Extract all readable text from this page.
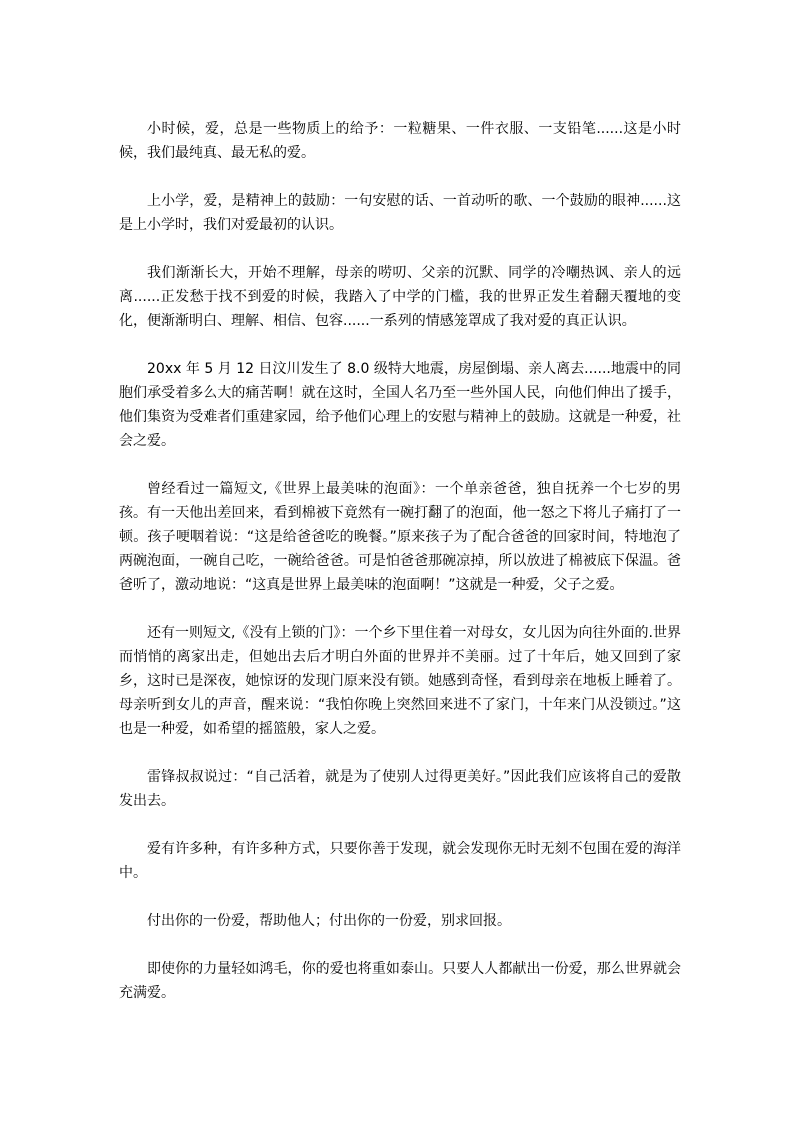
小时候，爱，总是一些物质上的给予：一粒糖果、一件衣服、一支铅笔......这是小时候，我们最纯真、最无私的爱。

上小学，爱，是精神上的鼓励：一句安慰的话、一首动听的歌、一个鼓励的眼神......这是上小学时，我们对爱最初的认识。

我们渐渐长大，开始不理解，母亲的唠叨、父亲的沉默、同学的冷嘲热讽、亲人的远离......正发愁于找不到爱的时候，我踏入了中学的门槛，我的世界正发生着翻天覆地的变化，便渐渐明白、理解、相信、包容......一系列的情感笼罩成了我对爱的真正认识。

20xx 年 5 月 12 日汶川发生了 8.0 级特大地震，房屋倒塌、亲人离去......地震中的同胞们承受着多么大的痛苦啊！就在这时，全国人名乃至一些外国人民，向他们伸出了援手，他们集资为受难者们重建家园，给予他们心理上的安慰与精神上的鼓励。这就是一种爱，社会之爱。

曾经看过一篇短文,《世界上最美味的泡面》：一个单亲爸爸，独自抚养一个七岁的男孩。有一天他出差回来，看到棉被下竟然有一碗打翻了的泡面，他一怒之下将儿子痛打了一顿。孩子哽咽着说：“这是给爸爸吃的晚餐。”原来孩子为了配合爸爸的回家时间，特地泡了两碗泡面，一碗自己吃，一碗给爸爸。可是怕爸爸那碗凉掉，所以放进了棉被底下保温。爸爸听了，激动地说：“这真是世界上最美味的泡面啊！”这就是一种爱，父子之爱。

还有一则短文,《没有上锁的门》：一个乡下里住着一对母女，女儿因为向往外面的.世界而悄悄的离家出走，但她出去后才明白外面的世界并不美丽。过了十年后，她又回到了家乡，这时已是深夜，她惊讶的发现门原来没有锁。她感到奇怪，看到母亲在地板上睡着了。母亲听到女儿的声音，醒来说：“我怕你晚上突然回来进不了家门，十年来门从没锁过。”这也是一种爱，如希望的摇篮般，家人之爱。

雷锋叔叔说过：“自己活着，就是为了使别人过得更美好。”因此我们应该将自己的爱散发出去。

爱有许多种，有许多种方式，只要你善于发现，就会发现你无时无刻不包围在爱的海洋中。

付出你的一份爱，帮助他人；付出你的一份爱，别求回报。

即使你的力量轻如鸿毛，你的爱也将重如泰山。只要人人都献出一份爱，那么世界就会充满爱。
